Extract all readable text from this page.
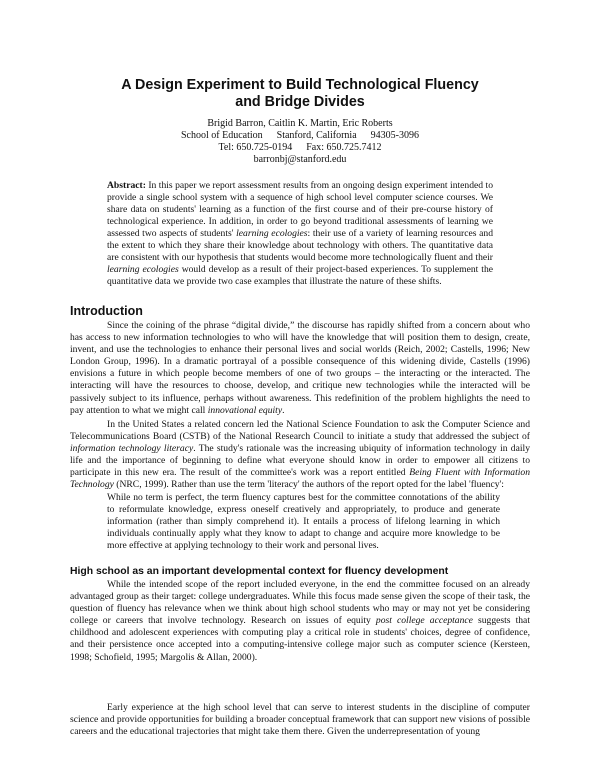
A Design Experiment to Build Technological Fluency
and Bridge Divides
Brigid Barron, Caitlin K. Martin, Eric Roberts
School of Education Stanford, California 94305-3096
Tel: 650.725-0194 Fax: 650.725.7412
barronbj@stanford.edu
Abstract: In this paper we report assessment results from an ongoing design experiment intended to provide a single school system with a sequence of high school level computer science courses. We share data on students' learning as a function of the first course and of their pre-course history of technological experience. In addition, in order to go beyond traditional assessments of learning we assessed two aspects of students' learning ecologies: their use of a variety of learning resources and the extent to which they share their knowledge about technology with others. The quantitative data are consistent with our hypothesis that students would become more technologically fluent and their learning ecologies would develop as a result of their project-based experiences. To supplement the quantitative data we provide two case examples that illustrate the nature of these shifts.
Introduction
Since the coining of the phrase “digital divide,” the discourse has rapidly shifted from a concern about who has access to new information technologies to who will have the knowledge that will position them to design, create, invent, and use the technologies to enhance their personal lives and social worlds (Reich, 2002; Castells, 1996; New London Group, 1996). In a dramatic portrayal of a possible consequence of this widening divide, Castells (1996) envisions a future in which people become members of one of two groups – the interacting or the interacted. The interacting will have the resources to choose, develop, and critique new technologies while the interacted will be passively subject to its influence, perhaps without awareness. This redefinition of the problem highlights the need to pay attention to what we might call innovational equity.
In the United States a related concern led the National Science Foundation to ask the Computer Science and Telecommunications Board (CSTB) of the National Research Council to initiate a study that addressed the subject of information technology literacy. The study's rationale was the increasing ubiquity of information technology in daily life and the importance of beginning to define what everyone should know in order to empower all citizens to participate in this new era. The result of the committee's work was a report entitled Being Fluent with Information Technology (NRC, 1999). Rather than use the term 'literacy' the authors of the report opted for the label 'fluency':
While no term is perfect, the term fluency captures best for the committee connotations of the ability to reformulate knowledge, express oneself creatively and appropriately, to produce and generate information (rather than simply comprehend it). It entails a process of lifelong learning in which individuals continually apply what they know to adapt to change and acquire more knowledge to be more effective at applying technology to their work and personal lives.
High school as an important developmental context for fluency development
While the intended scope of the report included everyone, in the end the committee focused on an already advantaged group as their target: college undergraduates. While this focus made sense given the scope of their task, the question of fluency has relevance when we think about high school students who may or may not yet be considering college or careers that involve technology. Research on issues of equity post college acceptance suggests that childhood and adolescent experiences with computing play a critical role in students' choices, degree of confidence, and their persistence once accepted into a computing-intensive college major such as computer science (Kersteen, 1998; Schofield, 1995; Margolis & Allan, 2000).
Early experience at the high school level that can serve to interest students in the discipline of computer science and provide opportunities for building a broader conceptual framework that can support new visions of possible careers and the educational trajectories that might take them there. Given the underrepresentation of young
